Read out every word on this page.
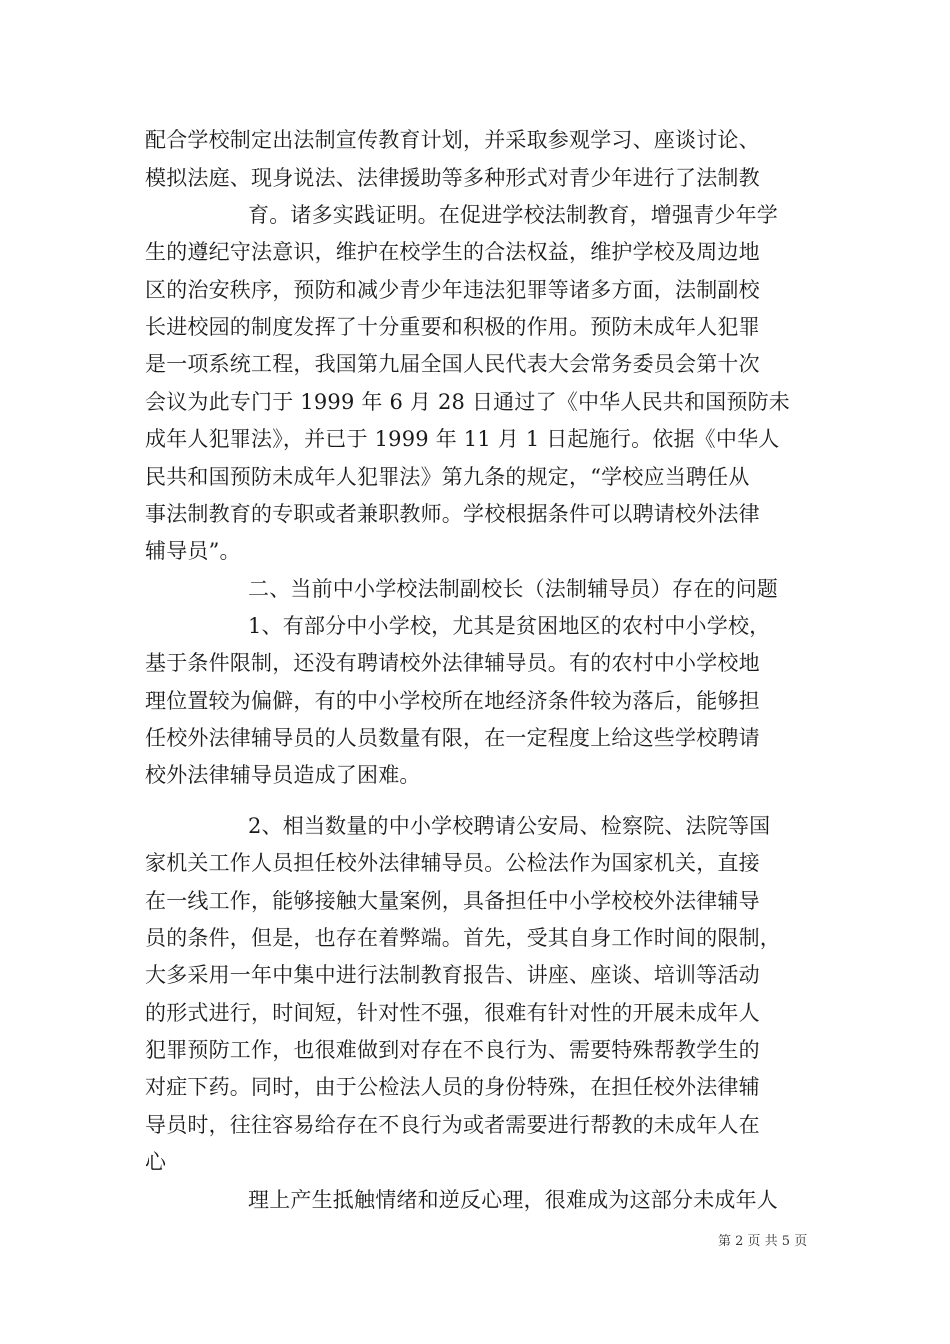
配合学校制定出法制宣传教育计划，并采取参观学习、座谈讨论、
模拟法庭、现身说法、法律援助等多种形式对青少年进行了法制教
育。诸多实践证明。在促进学校法制教育，增强青少年学
生的遵纪守法意识，维护在校学生的合法权益，维护学校及周边地
区的治安秩序，预防和减少青少年违法犯罪等诸多方面，法制副校
长进校园的制度发挥了十分重要和积极的作用。预防未成年人犯罪
是一项系统工程，我国第九届全国人民代表大会常务委员会第十次
会议为此专门于 1999 年 6 月 28 日通过了《中华人民共和国预防未
成年人犯罪法》，并已于 1999 年 11 月 1 日起施行。依据《中华人
民共和国预防未成年人犯罪法》第九条的规定，“学校应当聘任从
事法制教育的专职或者兼职教师。学校根据条件可以聘请校外法律
辅导员”。
二、当前中小学校法制副校长（法制辅导员）存在的问题
1、有部分中小学校，尤其是贫困地区的农村中小学校，
基于条件限制，还没有聘请校外法律辅导员。有的农村中小学校地
理位置较为偏僻，有的中小学校所在地经济条件较为落后，能够担
任校外法律辅导员的人员数量有限，在一定程度上给这些学校聘请
校外法律辅导员造成了困难。
2、相当数量的中小学校聘请公安局、检察院、法院等国
家机关工作人员担任校外法律辅导员。公检法作为国家机关，直接
在一线工作，能够接触大量案例，具备担任中小学校校外法律辅导
员的条件，但是，也存在着弊端。首先，受其自身工作时间的限制，
大多采用一年中集中进行法制教育报告、讲座、座谈、培训等活动
的形式进行，时间短，针对性不强，很难有针对性的开展未成年人
犯罪预防工作，也很难做到对存在不良行为、需要特殊帮教学生的
对症下药。同时，由于公检法人员的身份特殊，在担任校外法律辅
导员时，往往容易给存在不良行为或者需要进行帮教的未成年人在
心
理上产生抵触情绪和逆反心理，很难成为这部分未成年人
第 2 页 共 5 页
